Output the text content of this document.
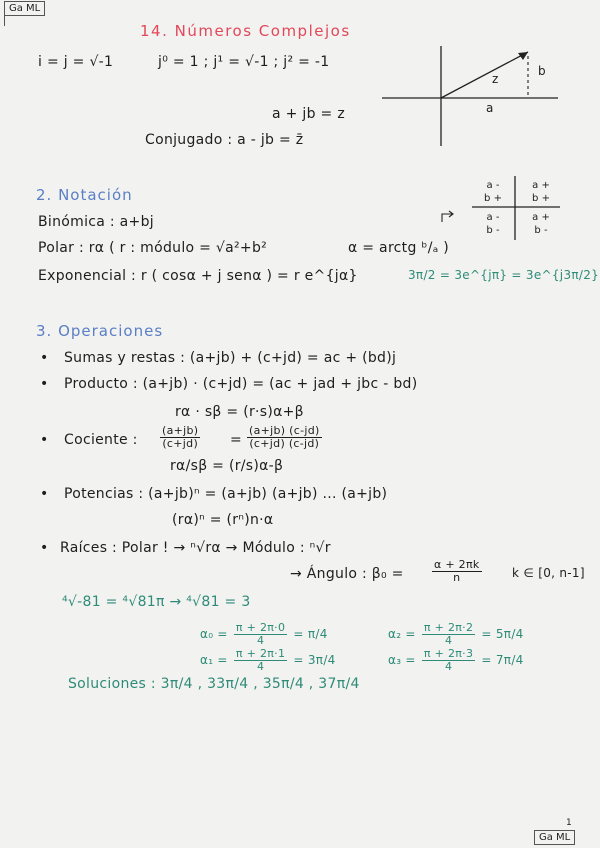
Ga ML
14. Números Complejos
i = j = √-1	j⁰ = 1 ; j¹ = √-1 ; j² = -1
a + jb = z
Conjugado : a - jb = z̄
z
b
a
a -	a +
b +	b +
a -	a +
b -	b -
2. Notación
Binómica : a+bj
Polar : rα ( r : módulo = √a²+b²	α = arctg ᵇ/ₐ )
Exponencial : r ( cosα + j senα ) = r e^{jα}	3π/2 = 3e^{jπ} = 3e^{j3π/2}
3. Operaciones
• Sumas y restas : (a+jb) + (c+jd) = ac + (bd)j
• Producto : (a+jb) · (c+jd) = (ac + jad + jbc - bd)
rα · sβ = (r·s)α+β
• Cociente : $\frac{(a+jb)}{(c+jd)} = \frac{(a+jb) (c-jd)}{(c+jd) (c-jd)}$
rα/sβ = (r/s)α-β
• Potencias : (a+jb)ⁿ = (a+jb) (a+jb) ... (a+jb)
(rα)ⁿ = (rⁿ)n·α
• Raíces : Polar ! → ⁿ√rα → Módulo : ⁿ√r
→ Ángulo : β₀ =	$\frac{\alpha + 2\pi k}{n}$	k ∈ [0, n-1]
⁴√-81 = ⁴√81π → ⁴√81 = 3
$\alpha_0 = \frac{\pi + 2\pi\cdot 0}{4} = \pi/4$
$\alpha_1 = \frac{\pi + 2\pi\cdot 1}{4} = 3\pi/4$
$\alpha_2 = \frac{\pi + 2\pi\cdot 2}{4} = 5\pi/4$
$\alpha_3 = \frac{\pi + 2\pi\cdot 3}{4} = 7\pi/4$
Soluciones : 3π/4 , 33π/4 , 35π/4 , 37π/4
1
Ga ML
